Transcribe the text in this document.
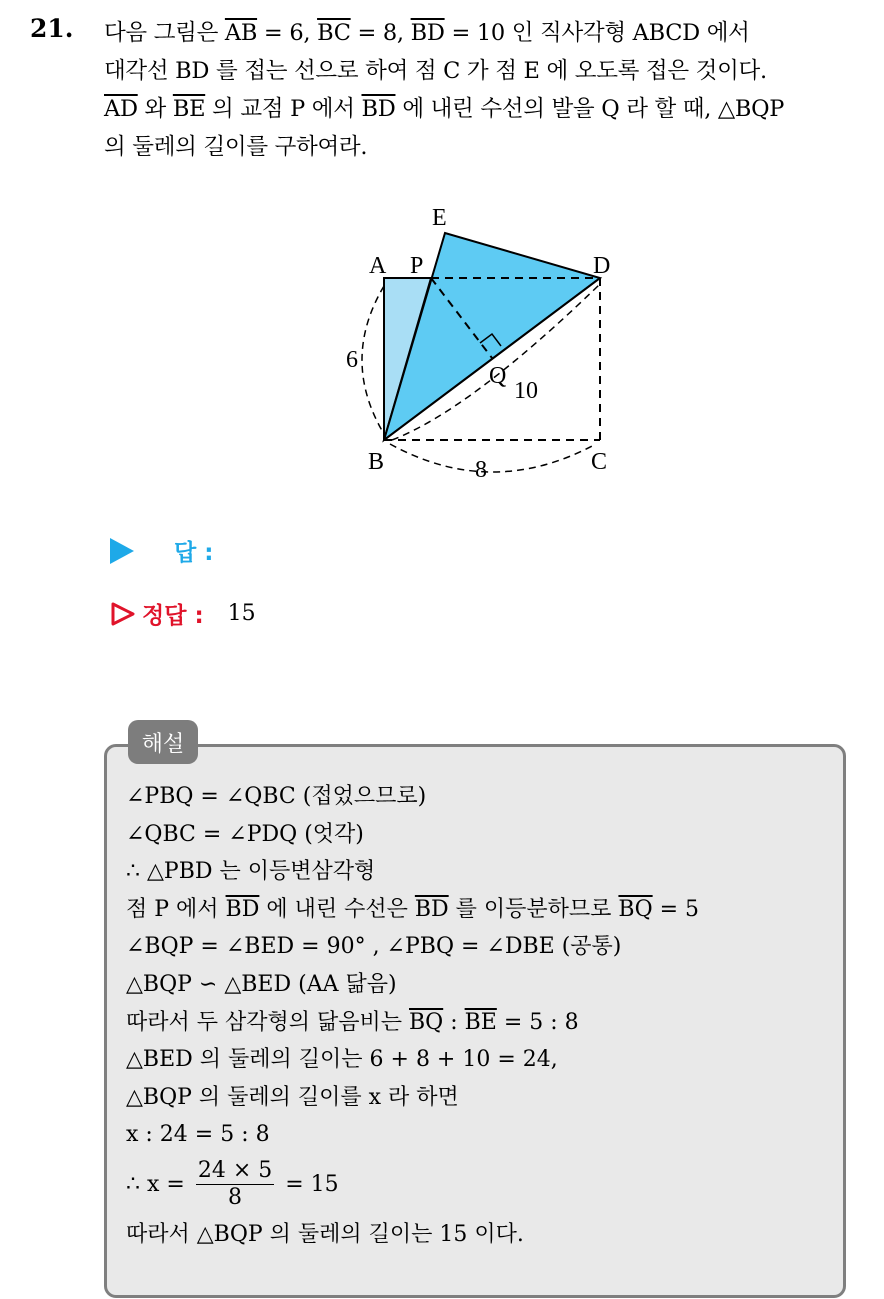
21. 다음 그림은 $\overline{AB} = 6$, $\overline{BC} = 8$, $\overline{BD} = 10$ 인 직사각형 ABCD 에서
대각선 BD 를 접는 선으로 하여 점 C 가 점 E 에 오도록 접은 것이다.
$\overline{AD}$ 와 $\overline{BE}$ 의 교점 P 에서 $\overline{BD}$ 에 내린 수선의 발을 Q 라 할 때, △BQP
의 둘레의 길이를 구하여라.
E
A P	D
Q
B	C
6
10
8
답 :
정답 : 15
해설
∠PBQ = ∠QBC (접었으므로)
∠QBC = ∠PDQ (엇각)
∴ △PBD 는 이등변삼각형
점 P 에서 $\overline{BD}$ 에 내린 수선은 $\overline{BD}$ 를 이등분하므로 $\overline{BQ} = 5$
∠BQP = ∠BED = 90° , ∠PBQ = ∠DBE (공통)
△BQP ∽ △BED (AA 닮음)
따라서 두 삼각형의 닮음비는 $\overline{BQ}$ : $\overline{BE} = 5$ : 8
△BED 의 둘레의 길이는 6 + 8 + 10 = 24,
△BQP 의 둘레의 길이를 x 라 하면
x : 24 = 5 : 8
∴ $x = \frac{24 \times 5}{8} = 15$
따라서 △BQP 의 둘레의 길이는 15 이다.
